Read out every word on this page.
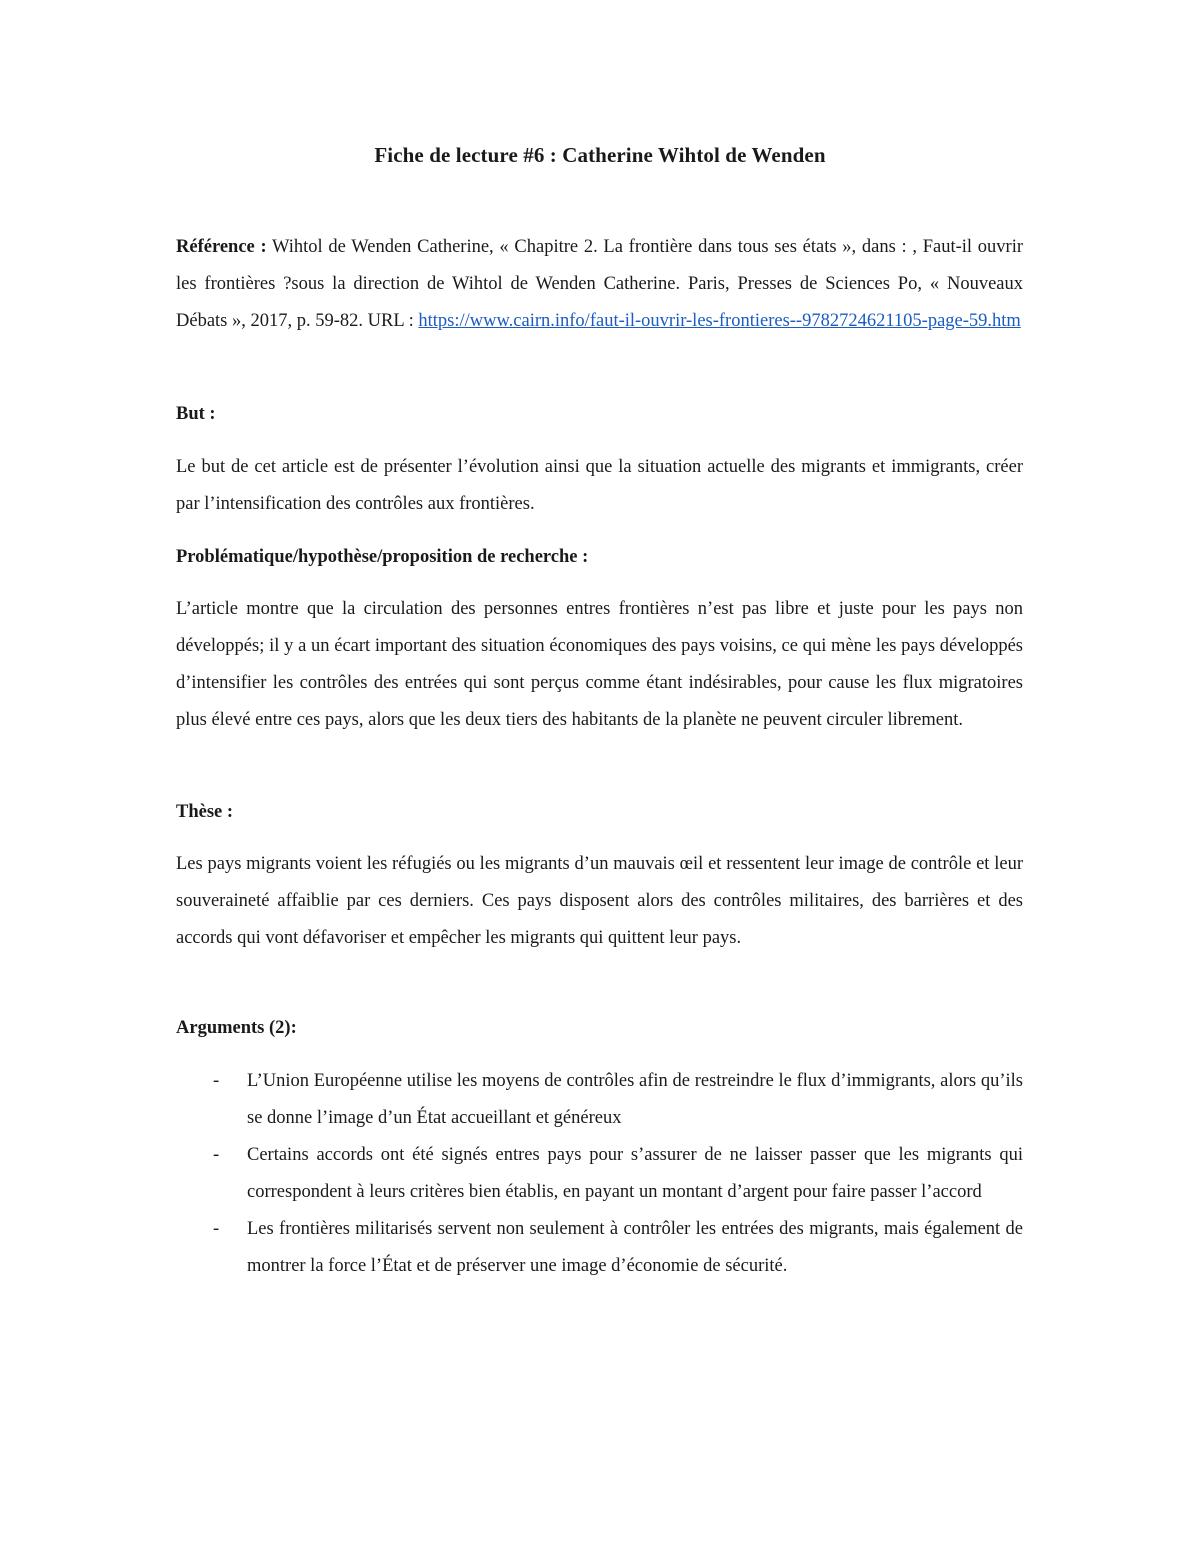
Fiche de lecture #6 : Catherine Wihtol de Wenden
Référence : Wihtol de Wenden Catherine, « Chapitre 2. La frontière dans tous ses états », dans : , Faut-il ouvrir les frontières ?sous la direction de Wihtol de Wenden Catherine. Paris, Presses de Sciences Po, « Nouveaux Débats », 2017, p. 59-82. URL : https://www.cairn.info/faut-il-ouvrir-les-frontieres--9782724621105-page-59.htm
But :
Le but de cet article est de présenter l’évolution ainsi que la situation actuelle des migrants et immigrants, créer par l’intensification des contrôles aux frontières.
Problématique/hypothèse/proposition de recherche :
L’article montre que la circulation des personnes entres frontières n’est pas libre et juste pour les pays non développés; il y a un écart important des situation économiques des pays voisins, ce qui mène les pays développés d’intensifier les contrôles des entrées qui sont perçus comme étant indésirables, pour cause les flux migratoires plus élevé entre ces pays, alors que les deux tiers des habitants de la planète ne peuvent circuler librement.
Thèse :
Les pays migrants voient les réfugiés ou les migrants d’un mauvais œil et ressentent leur image de contrôle et leur souveraineté affaiblie par ces derniers. Ces pays disposent alors des contrôles militaires, des barrières et des accords qui vont défavoriser et empêcher les migrants qui quittent leur pays.
Arguments (2):
- L’Union Européenne utilise les moyens de contrôles afin de restreindre le flux d’immigrants, alors qu’ils se donne l’image d’un État accueillant et généreux
- Certains accords ont été signés entres pays pour s’assurer de ne laisser passer que les migrants qui correspondent à leurs critères bien établis, en payant un montant d’argent pour faire passer l’accord
- Les frontières militarisés servent non seulement à contrôler les entrées des migrants, mais également de montrer la force l’État et de préserver une image d’économie de sécurité.
